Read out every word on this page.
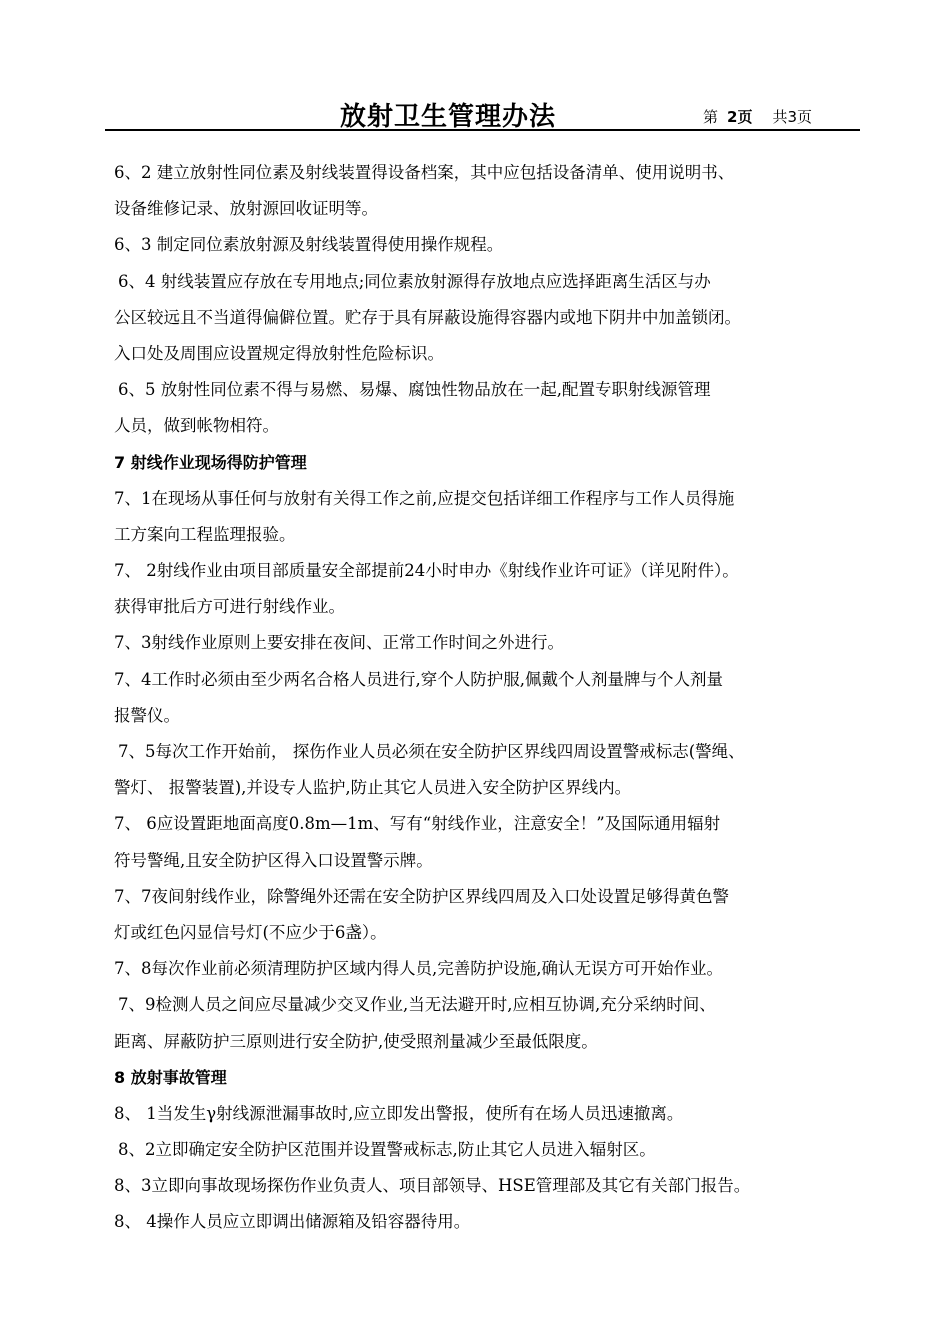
放射卫生管理办法	第 2页 共3页
6、2 建立放射性同位素及射线装置得设备档案，其中应包括设备清单、使用说明书、
设备维修记录、放射源回收证明等。
6、3 制定同位素放射源及射线装置得使用操作规程。
6、4 射线装置应存放在专用地点;同位素放射源得存放地点应选择距离生活区与办
公区较远且不当道得偏僻位置。贮存于具有屏蔽设施得容器内或地下阴井中加盖锁闭。
入口处及周围应设置规定得放射性危险标识。
6、5 放射性同位素不得与易燃、易爆、腐蚀性物品放在一起,配置专职射线源管理
人员，做到帐物相符。
7 射线作业现场得防护管理
7、1在现场从事任何与放射有关得工作之前,应提交包括详细工作程序与工作人员得施
工方案向工程监理报验。
7、 2射线作业由项目部质量安全部提前24小时申办《射线作业许可证》（详见附件）。
获得审批后方可进行射线作业。
7、3射线作业原则上要安排在夜间、正常工作时间之外进行。
7、4工作时必须由至少两名合格人员进行,穿个人防护服,佩戴个人剂量牌与个人剂量
报警仪。
7、5每次工作开始前， 探伤作业人员必须在安全防护区界线四周设置警戒标志(警绳、
警灯、 报警装置),并设专人监护,防止其它人员进入安全防护区界线内。
7、 6应设置距地面高度0.8m—1m、写有“射线作业，注意安全！”及国际通用辐射
符号警绳,且安全防护区得入口设置警示牌。
7、7夜间射线作业，除警绳外还需在安全防护区界线四周及入口处设置足够得黄色警
灯或红色闪显信号灯(不应少于6盏）。
7、8每次作业前必须清理防护区域内得人员,完善防护设施,确认无误方可开始作业。
7、9检测人员之间应尽量减少交叉作业,当无法避开时,应相互协调,充分采纳时间、
距离、屏蔽防护三原则进行安全防护,使受照剂量减少至最低限度。
8 放射事故管理
8、 1当发生γ射线源泄漏事故时,应立即发出警报，使所有在场人员迅速撤离。
8、2立即确定安全防护区范围并设置警戒标志,防止其它人员进入辐射区。
8、3立即向事故现场探伤作业负责人、项目部领导、HSE管理部及其它有关部门报告。
8、 4操作人员应立即调出储源箱及铅容器待用。
